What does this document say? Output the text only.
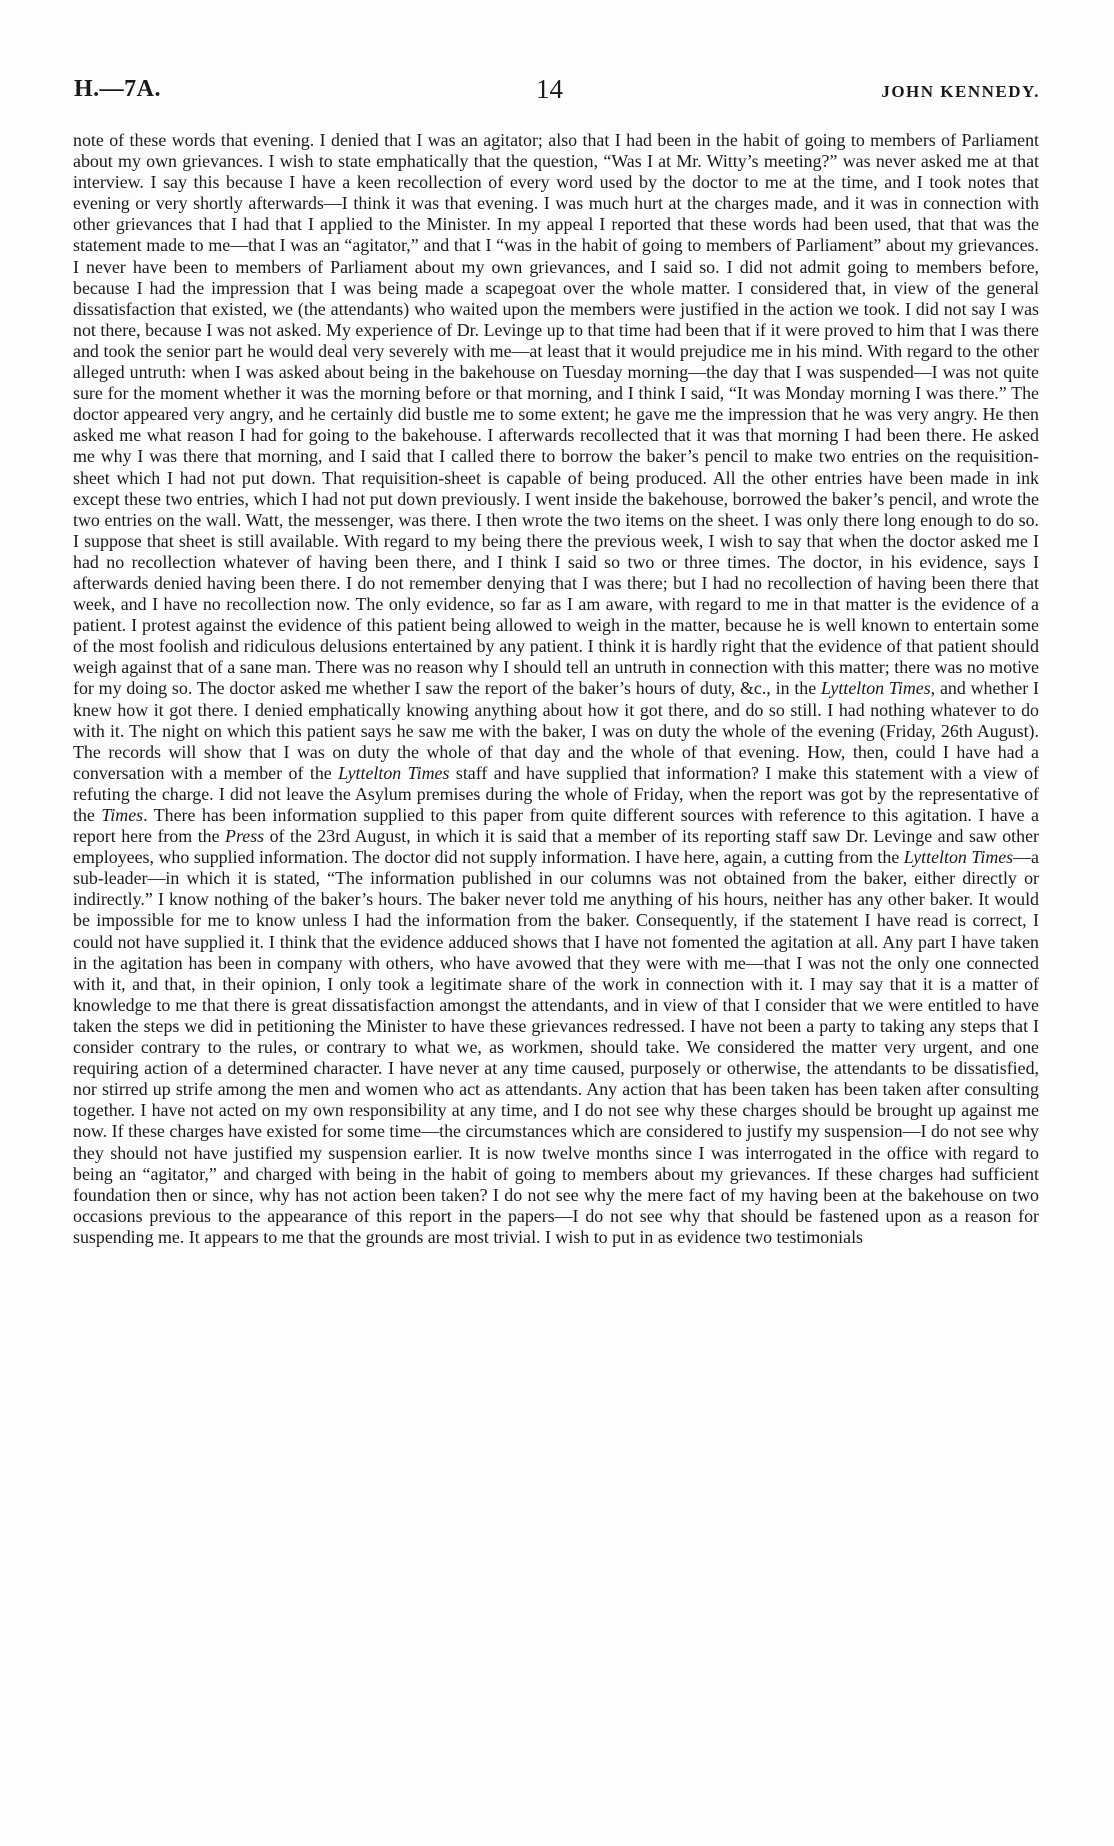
H.—7A.	14	JOHN KENNEDY.

note of these words that evening. I denied that I was an agitator; also that I had been in the habit of going to members of Parliament about my own grievances. I wish to state emphatically that the question, “Was I at Mr. Witty’s meeting?” was never asked me at that interview. I say this because I have a keen recollection of every word used by the doctor to me at the time, and I took notes that evening or very shortly afterwards—I think it was that evening. I was much hurt at the charges made, and it was in connection with other grievances that I had that I applied to the Minister. In my appeal I reported that these words had been used, that that was the statement made to me—that I was an “agitator,” and that I “was in the habit of going to members of Parliament” about my grievances. I never have been to members of Parliament about my own grievances, and I said so. I did not admit going to members before, because I had the impression that I was being made a scapegoat over the whole matter. I considered that, in view of the general dissatisfaction that existed, we (the attendants) who waited upon the members were justified in the action we took. I did not say I was not there, because I was not asked. My experience of Dr. Levinge up to that time had been that if it were proved to him that I was there and took the senior part he would deal very severely with me—at least that it would prejudice me in his mind. With regard to the other alleged untruth: when I was asked about being in the bakehouse on Tuesday morning—the day that I was suspended—I was not quite sure for the moment whether it was the morning before or that morning, and I think I said, “It was Monday morning I was there.” The doctor appeared very angry, and he certainly did bustle me to some extent; he gave me the impression that he was very angry. He then asked me what reason I had for going to the bakehouse. I afterwards recollected that it was that morning I had been there. He asked me why I was there that morning, and I said that I called there to borrow the baker’s pencil to make two entries on the requisition-sheet which I had not put down. That requisition-sheet is capable of being produced. All the other entries have been made in ink except these two entries, which I had not put down previously. I went inside the bakehouse, borrowed the baker’s pencil, and wrote the two entries on the wall. Watt, the messenger, was there. I then wrote the two items on the sheet. I was only there long enough to do so. I suppose that sheet is still available. With regard to my being there the previous week, I wish to say that when the doctor asked me I had no recollection whatever of having been there, and I think I said so two or three times. The doctor, in his evidence, says I afterwards denied having been there. I do not remember denying that I was there; but I had no recollection of having been there that week, and I have no recollection now. The only evidence, so far as I am aware, with regard to me in that matter is the evidence of a patient. I protest against the evidence of this patient being allowed to weigh in the matter, because he is well known to entertain some of the most foolish and ridiculous delusions entertained by any patient. I think it is hardly right that the evidence of that patient should weigh against that of a sane man. There was no reason why I should tell an untruth in connection with this matter; there was no motive for my doing so. The doctor asked me whether I saw the report of the baker’s hours of duty, &c., in the Lyttelton Times, and whether I knew how it got there. I denied emphatically knowing anything about how it got there, and do so still. I had nothing whatever to do with it. The night on which this patient says he saw me with the baker, I was on duty the whole of the evening (Friday, 26th August). The records will show that I was on duty the whole of that day and the whole of that evening. How, then, could I have had a conversation with a member of the Lyttelton Times staff and have supplied that information? I make this statement with a view of refuting the charge. I did not leave the Asylum premises during the whole of Friday, when the report was got by the representative of the Times. There has been information supplied to this paper from quite different sources with reference to this agitation. I have a report here from the Press of the 23rd August, in which it is said that a member of its reporting staff saw Dr. Levinge and saw other employees, who supplied information. The doctor did not supply information. I have here, again, a cutting from the Lyttelton Times—a sub-leader—in which it is stated, “The information published in our columns was not obtained from the baker, either directly or indirectly.” I know nothing of the baker’s hours. The baker never told me anything of his hours, neither has any other baker. It would be impossible for me to know unless I had the information from the baker. Consequently, if the statement I have read is correct, I could not have supplied it. I think that the evidence adduced shows that I have not fomented the agitation at all. Any part I have taken in the agitation has been in company with others, who have avowed that they were with me—that I was not the only one connected with it, and that, in their opinion, I only took a legitimate share of the work in connection with it. I may say that it is a matter of knowledge to me that there is great dissatisfaction amongst the attendants, and in view of that I consider that we were entitled to have taken the steps we did in petitioning the Minister to have these grievances redressed. I have not been a party to taking any steps that I consider contrary to the rules, or contrary to what we, as workmen, should take. We considered the matter very urgent, and one requiring action of a determined character. I have never at any time caused, purposely or otherwise, the attendants to be dissatisfied, nor stirred up strife among the men and women who act as attendants. Any action that has been taken has been taken after consulting together. I have not acted on my own responsibility at any time, and I do not see why these charges should be brought up against me now. If these charges have existed for some time—the circumstances which are considered to justify my suspension—I do not see why they should not have justified my suspension earlier. It is now twelve months since I was interrogated in the office with regard to being an “agitator,” and charged with being in the habit of going to members about my grievances. If these charges had sufficient foundation then or since, why has not action been taken? I do not see why the mere fact of my having been at the bakehouse on two occasions previous to the appearance of this report in the papers—I do not see why that should be fastened upon as a reason for suspending me. It appears to me that the grounds are most trivial. I wish to put in as evidence two testimonials
